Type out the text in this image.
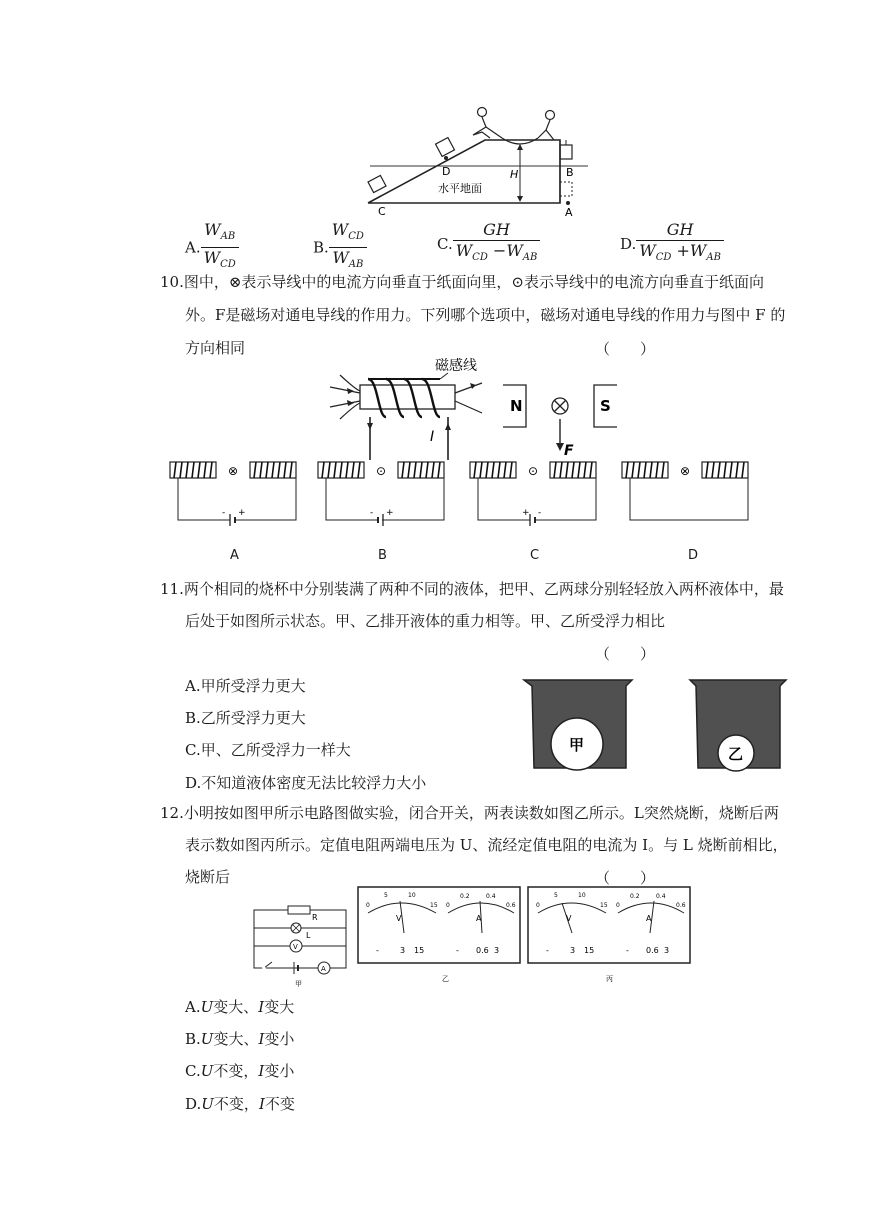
D
C
B
A
H
水平地面
A. $\frac{W_{AB}}{W_{CD}}$	B. $\frac{W_{CD}}{W_{AB}}$	C. $\frac{GH}{W_{CD} -W_{AB}}$	D. $\frac{GH}{W_{CD} +W_{AB}}$
10.图中，⊗表示导线中的电流方向垂直于纸面向里，⊙表示导线中的电流方向垂直于纸面向
外。F是磁场对通电导线的作用力。下列哪个选项中，磁场对通电导线的作用力与图中 F 的
方向相同	（　　）
I
磁感线
N
F
S
- +
⊗
- +
⊙
+ -
⊙	⊗
A	B	C	D
11.两个相同的烧杯中分别装满了两种不同的液体，把甲、乙两球分别轻轻放入两杯液体中，最
后处于如图所示状态。甲、乙排开液体的重力相等。甲、乙所受浮力相比
（　　）
A.甲所受浮力更大
B.乙所受浮力更大
C.甲、乙所受浮力一样大
D.不知道液体密度无法比较浮力大小
甲	乙
12.小明按如图甲所示电路图做实验，闭合开关，两表读数如图乙所示。L突然烧断，烧断后两
表示数如图丙所示。定值电阻两端电压为 U、流经定值电阻的电流为 I。与 L 烧断前相比，
烧断后	（　　）
R
L
V
A
甲
0
5	10
15
V
-	3 15
0
0.2	0.4
0.6
A
- 0.6 3
乙
0
5	10
15
V
-	3 15
0
0.2	0.4
0.6
A
- 0.6 3
丙
A.U变大、I变大
B.U变大、I变小
C.U不变，I变小
D.U不变，I不变
